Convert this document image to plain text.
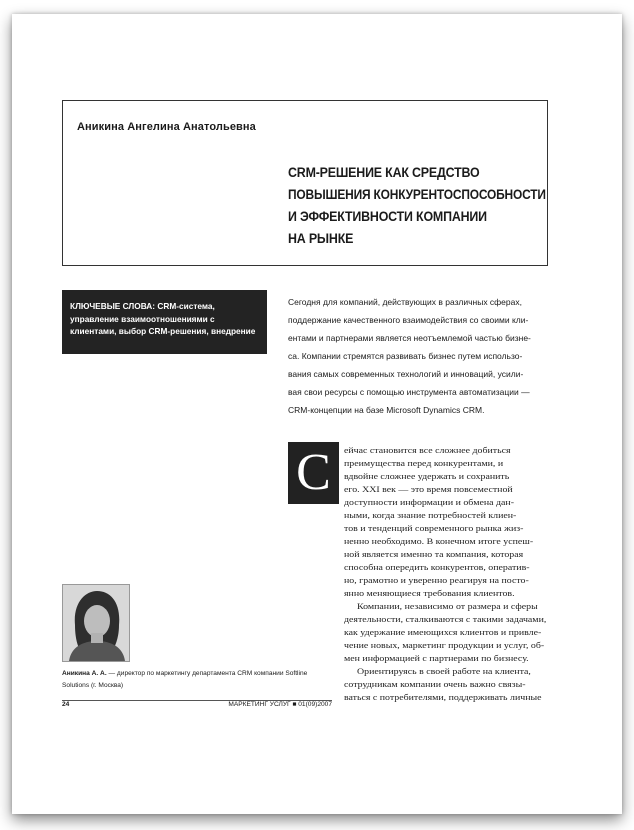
Аникина Ангелина Анатольевна
CRM-РЕШЕНИЕ КАК СРЕДСТВО
ПОВЫШЕНИЯ КОНКУРЕНТОСПОСОБНОСТИ
И ЭФФЕКТИВНОСТИ КОМПАНИИ
НА РЫНКЕ
КЛЮЧЕВЫЕ СЛОВА: CRM-система, управление взаимоотношениями с клиентами, выбор CRM-решения, внедрение
Сегодня для компаний, действующих в различных сферах,
поддержание качественного взаимодействия со своими кли-
ентами и партнерами является неотъемлемой частью бизне-
са. Компании стремятся развивать бизнес путем использо-
вания самых современных технологий и инноваций, усили-
вая свои ресурсы с помощью инструмента автоматизации —
CRM-концепции на базе Microsoft Dynamics CRM.
С	ейчас становится все сложнее добиться
преимущества перед конкурентами, и
вдвойне сложнее удержать и сохранить
его. XXI век — это время повсеместной
доступности информации и обмена дан-
ными, когда знание потребностей клиен-
тов и тенденций современного рынка жиз-
ненно необходимо. В конечном итоге успеш-
ной является именно та компания, которая
способна опередить конкурентов, оператив-
но, грамотно и уверенно реагируя на посто-
янно меняющиеся требования клиентов.
Компании, независимо от размера и сферы
деятельности, сталкиваются с такими задачами,
как удержание имеющихся клиентов и привле-
чение новых, маркетинг продукции и услуг, об-
мен информацией с партнерами по бизнесу.
Ориентируясь в своей работе на клиента,
сотрудникам компании очень важно связы-
ваться с потребителями, поддерживать личные
Аникина А. А. — директор по маркетингу департамента CRM компании Softline Solutions (г. Москва)
24	МАРКЕТИНГ УСЛУГ ■ 01(09)2007
